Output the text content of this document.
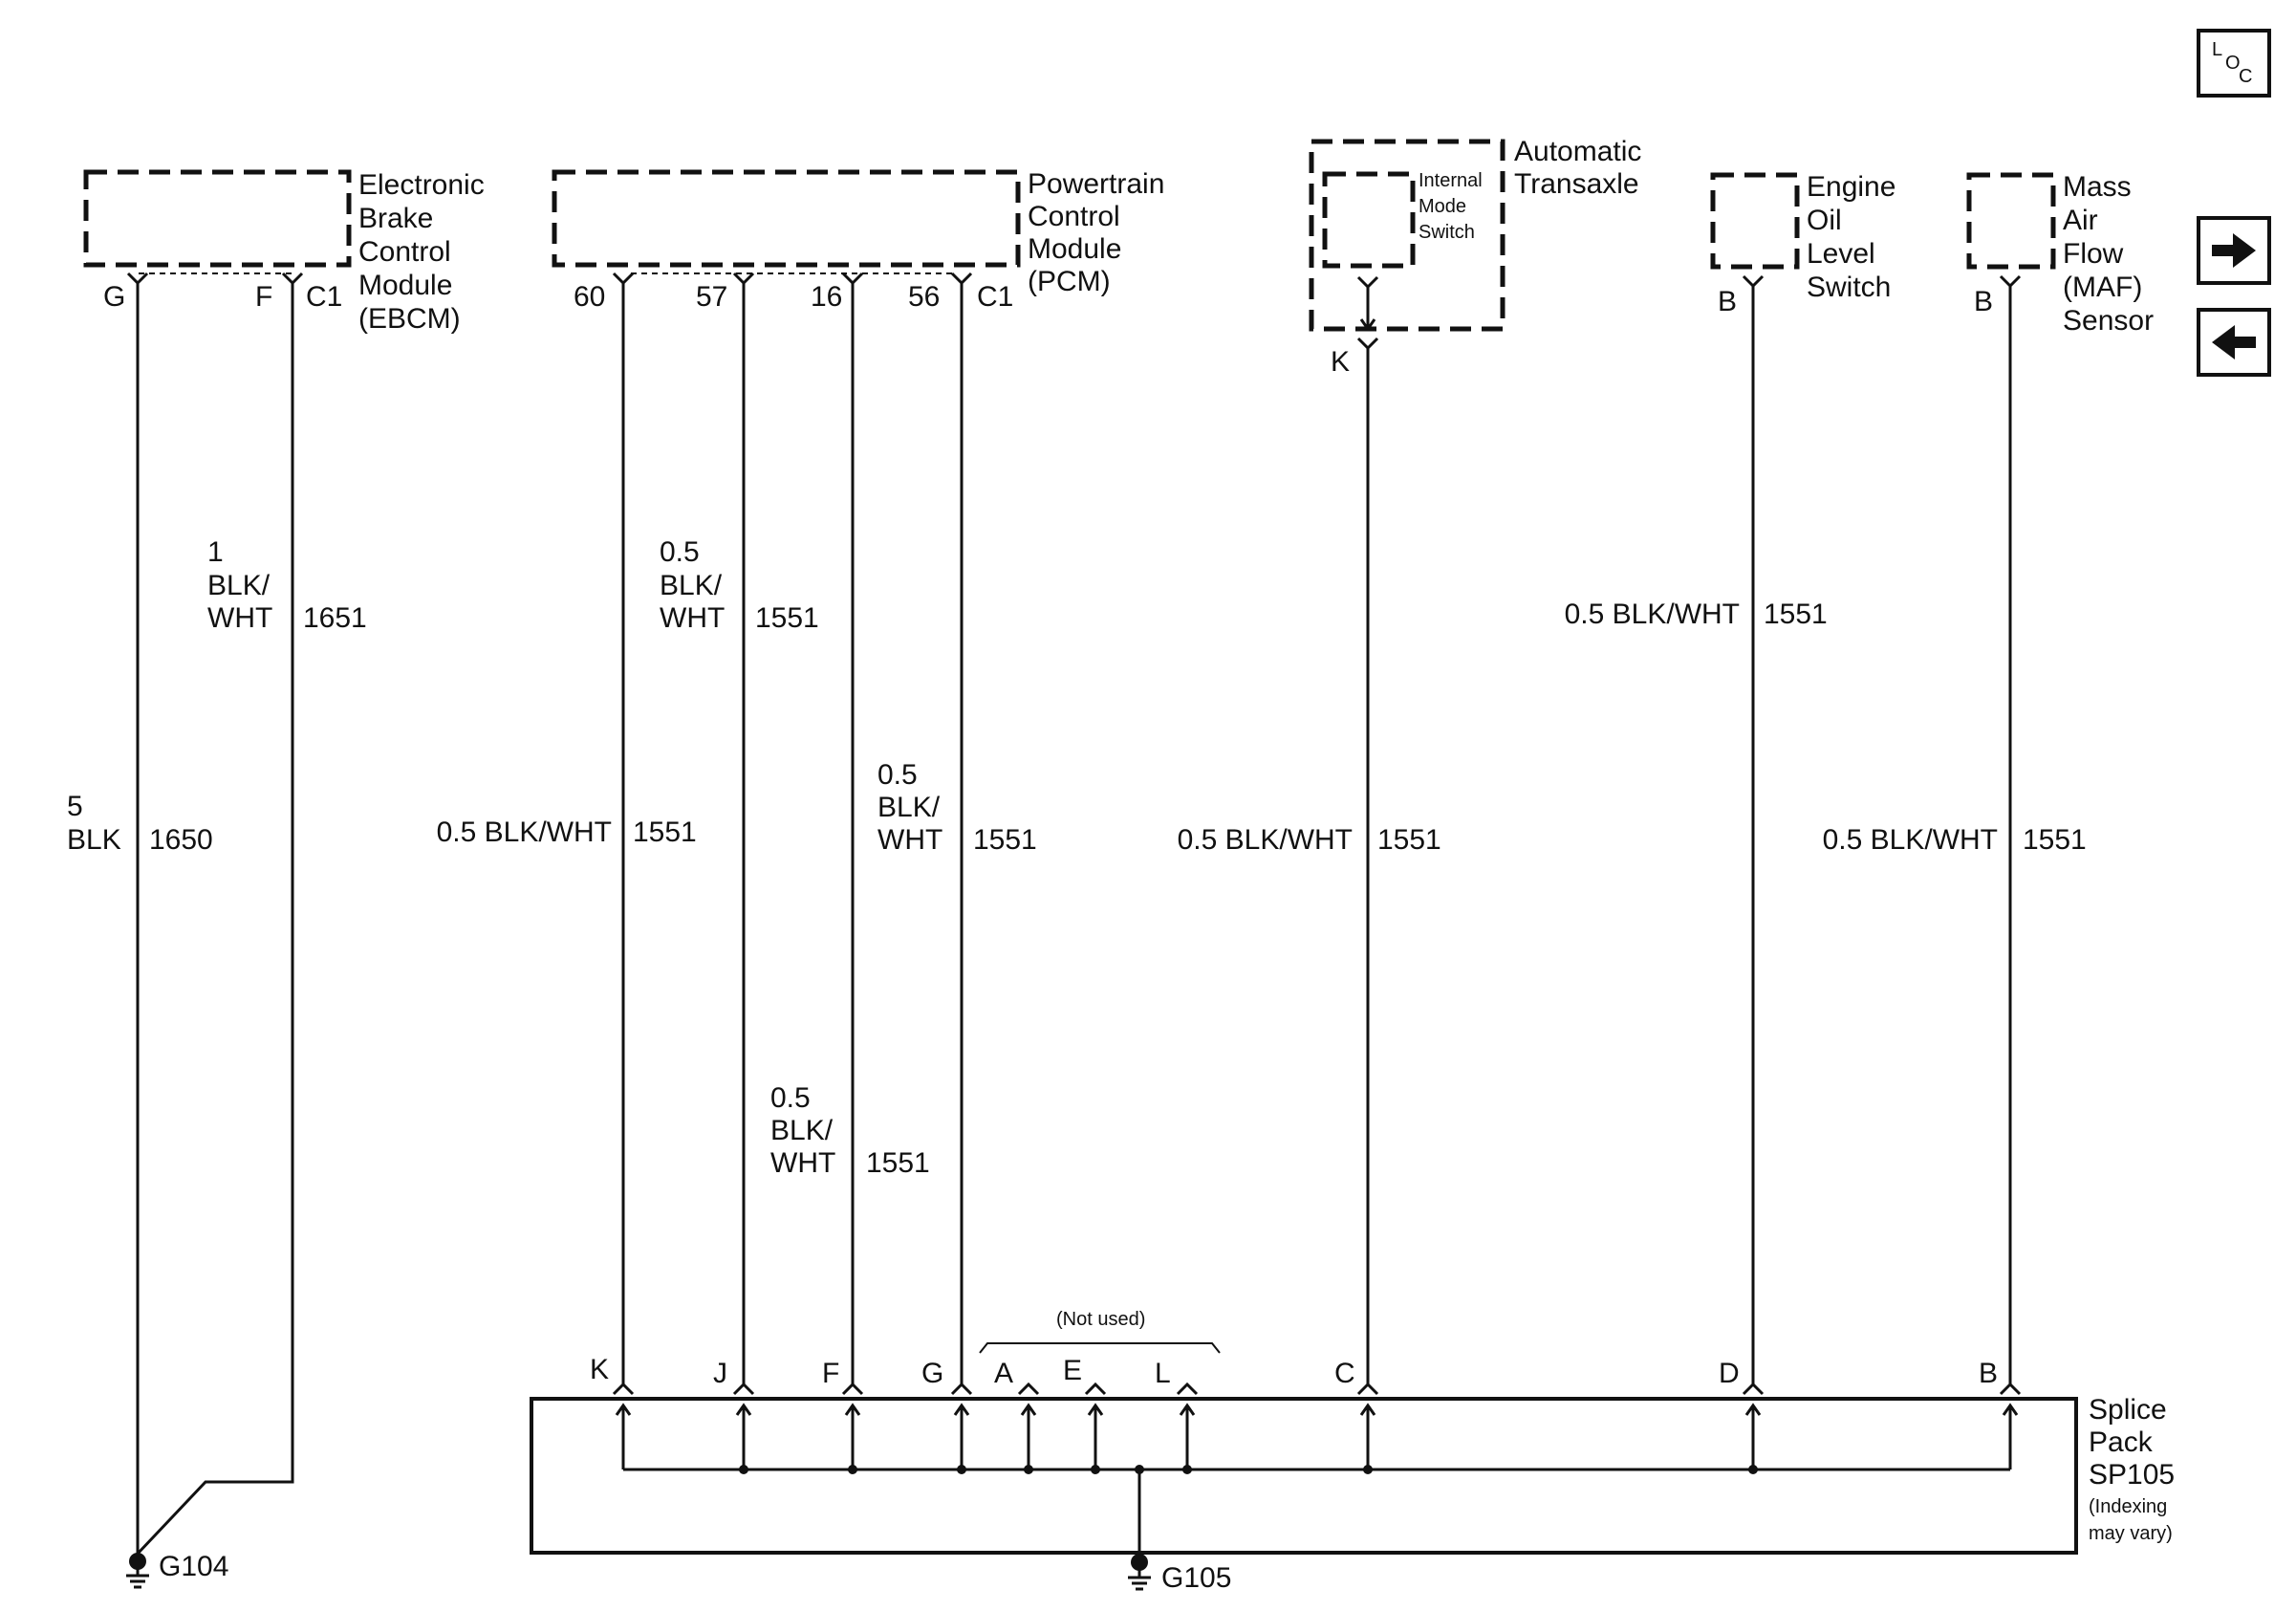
L
O
C
Electronic
Brake
Control
Module
(EBCM)
G	F C1
5
BLK 1650
1
BLK/
WHT 1651
G104
Powertrain
Control
Module
(PCM)
60	57	16 56 C1
0.5
BLK/
WHT 1551
0.5 BLK/WHT 1551
0.5
BLK/
WHT 1551
0.5
BLK/
WHT 1551
Internal
Mode
Switch
Automatic
Transaxle
K
0.5 BLK/WHT 1551
Engine
Oil
Level
Switch
B
0.5 BLK/WHT 1551
Mass
Air
Flow
(MAF)
Sensor
B
0.5 BLK/WHT 1551
Splice
Pack
SP105
(Indexing
may vary)
(Not used)
K	J	F	G A E	L	C	D	B
G105
